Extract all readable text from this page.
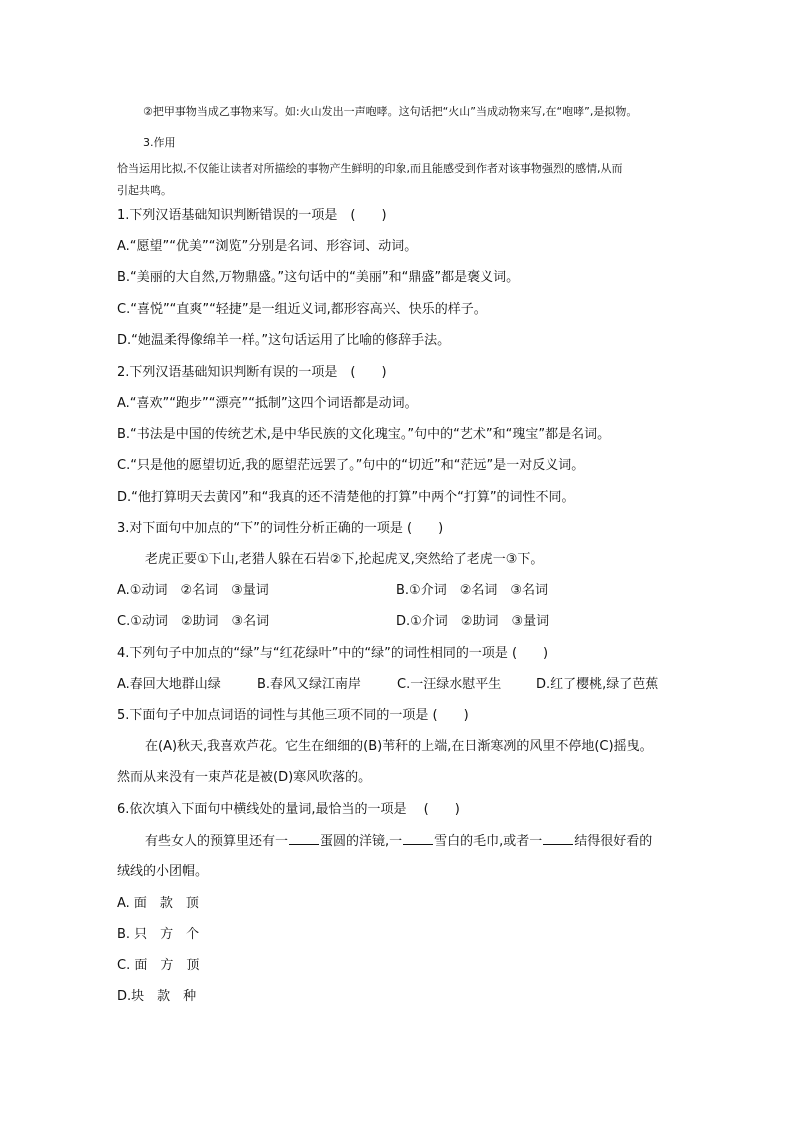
②把甲事物当成乙事物来写。如:火山发出一声咆哮。这句话把“火山”当成动物来写,在“咆哮”,是拟物。
3.作用
恰当运用比拟,不仅能让读者对所描绘的事物产生鲜明的印象,而且能感受到作者对该事物强烈的感情,从而
引起共鸣。
1.下列汉语基础知识判断错误的一项是　(　　)
A.“愿望”“优美”“浏览”分别是名词、形容词、动词。
B.“美丽的大自然,万物鼎盛。”这句话中的“美丽”和“鼎盛”都是褒义词。
C.“喜悦”“直爽”“轻捷”是一组近义词,都形容高兴、快乐的样子。
D.“她温柔得像绵羊一样。”这句话运用了比喻的修辞手法。
2.下列汉语基础知识判断有误的一项是　(　　)
A.“喜欢”“跑步”“漂亮”“抵制”这四个词语都是动词。
B.“书法是中国的传统艺术,是中华民族的文化瑰宝。”句中的“艺术”和“瑰宝”都是名词。
C.“只是他的愿望切近,我的愿望茫远罢了。”句中的“切近”和“茫远”是一对反义词。
D.“他打算明天去黄冈”和“我真的还不清楚他的打算”中两个“打算”的词性不同。
3.对下面句中加点的“下”的词性分析正确的一项是 (　　)
老虎正要①下山,老猎人躲在石岩②下,抡起虎叉,突然给了老虎一③下。
A.①动词　②名词　③量词	B.①介词　②名词　③名词
C.①动词　②助词　③名词	D.①介词　②助词　③量词
4.下列句子中加点的“绿”与“红花绿叶”中的“绿”的词性相同的一项是 (　　)
A.春回大地群山绿	B.春风又绿江南岸	C.一汪绿水慰平生	D.红了樱桃,绿了芭蕉
5.下面句子中加点词语的词性与其他三项不同的一项是 (　　)
在(A)秋天,我喜欢芦花。它生在细细的(B)苇秆的上端,在日渐寒冽的风里不停地(C)摇曳。
然而从来没有一束芦花是被(D)寒风吹落的。
6.依次填入下面句中横线处的量词,最恰当的一项是　 (　　)
有些女人的预算里还有一 蛋圆的洋镜,一 雪白的毛巾,或者一 结得很好看的
绒线的小团帽。
A. 面　款　顶
B. 只　方　个
C. 面　方　顶
D.块　款　种
